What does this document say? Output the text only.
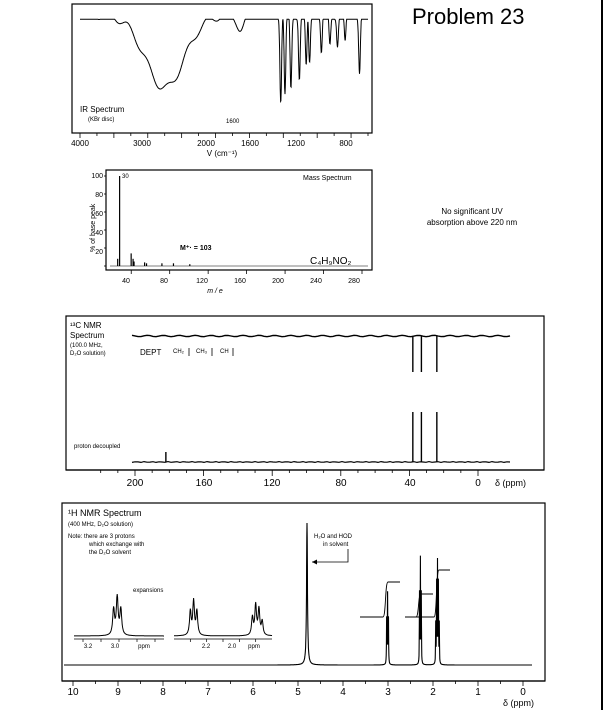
Problem 23
No significant UV
absorption above 220 nm
IR Spectrum
(KBr disc)	1600
4000	3000	2000	1600	1200	800
V (cm⁻¹)
Mass Spectrum
% of base peak
100
80
60
40
20
30
M⁺· = 103
C₄H₉NO₂
40	80	120	160	200	240	280
m / e
¹³C NMR
Spectrum
(100.0 MHz,
D₂O solution)	DEPT CH₂ CH₃ CH
proton decoupled
200	160	120	80	40	0 δ (ppm)
¹H NMR Spectrum
(400 MHz, D₂O solution)
Note: there are 3 protons
which exchange with
the D₂O solvent
expansions
H₂O and HOD
in solvent
3.2	3.0	ppm	2.2	2.0 ppm
10	9	8	7	6	5	4	3	2	1	0
δ (ppm)
